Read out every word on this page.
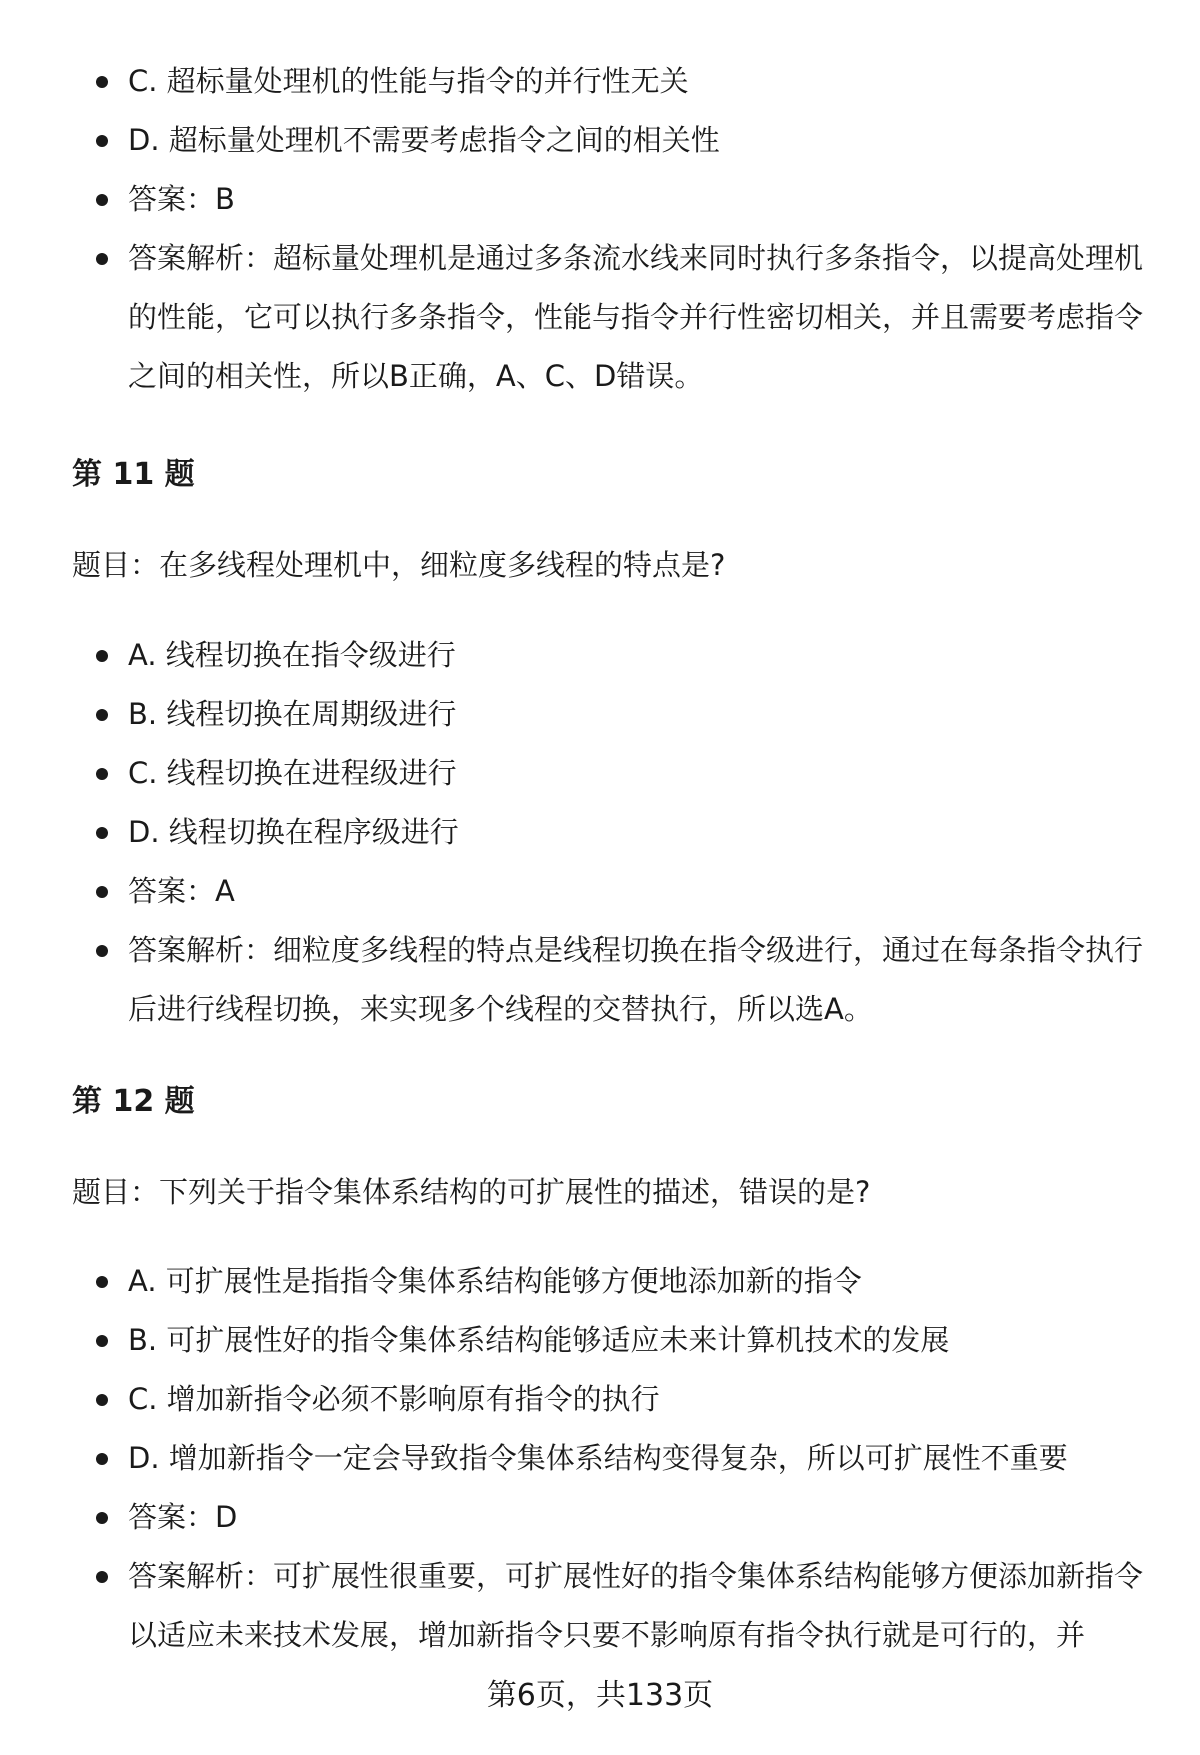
C. 超标量处理机的性能与指令的并行性无关
D. 超标量处理机不需要考虑指令之间的相关性
答案：B
答案解析：超标量处理机是通过多条流水线来同时执行多条指令，以提高处理机的性能，它可以执行多条指令，性能与指令并行性密切相关，并且需要考虑指令之间的相关性，所以B正确，A、C、D错误。
第 11 题
题目：在多线程处理机中，细粒度多线程的特点是?
A. 线程切换在指令级进行
B. 线程切换在周期级进行
C. 线程切换在进程级进行
D. 线程切换在程序级进行
答案：A
答案解析：细粒度多线程的特点是线程切换在指令级进行，通过在每条指令执行后进行线程切换，来实现多个线程的交替执行，所以选A。
第 12 题
题目：下列关于指令集体系结构的可扩展性的描述，错误的是?
A. 可扩展性是指指令集体系结构能够方便地添加新的指令
B. 可扩展性好的指令集体系结构能够适应未来计算机技术的发展
C. 增加新指令必须不影响原有指令的执行
D. 增加新指令一定会导致指令集体系结构变得复杂，所以可扩展性不重要
答案：D
答案解析：可扩展性很重要，可扩展性好的指令集体系结构能够方便添加新指令以适应未来技术发展，增加新指令只要不影响原有指令执行就是可行的，并
第6页，共133页
